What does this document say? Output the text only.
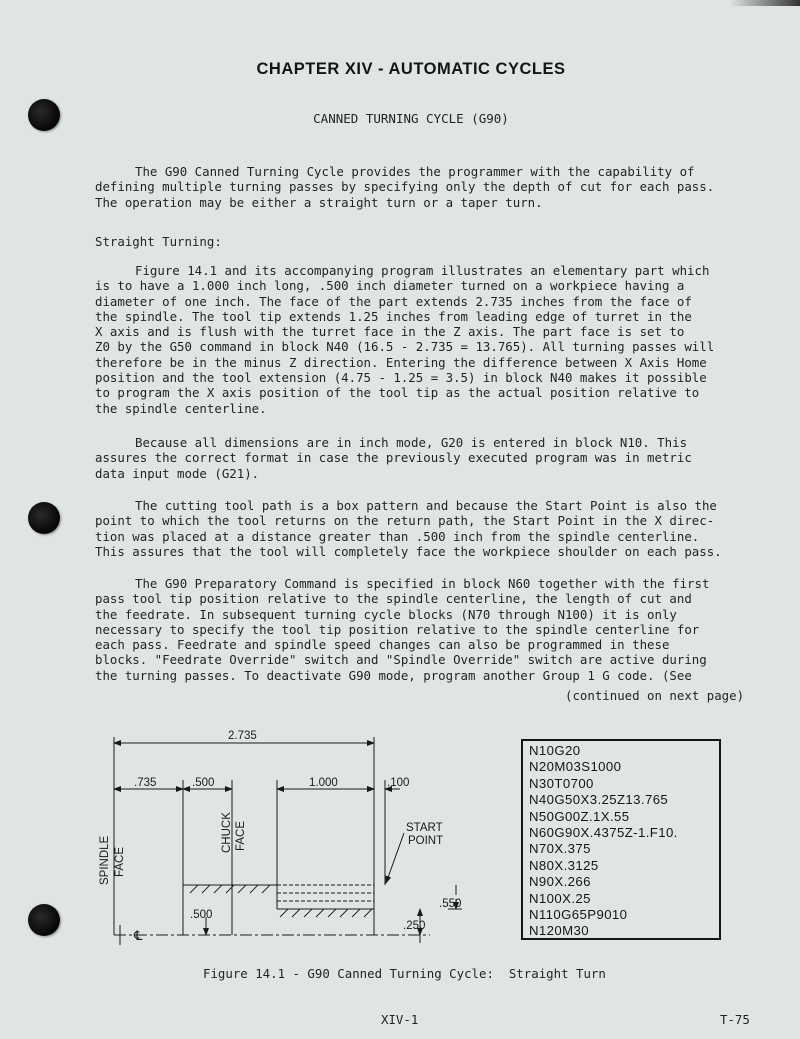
CHAPTER XIV - AUTOMATIC CYCLES
CANNED TURNING CYCLE (G90)
The G90 Canned Turning Cycle provides the programmer with the capability of
defining multiple turning passes by specifying only the depth of cut for each pass.
The operation may be either a straight turn or a taper turn.
Straight Turning:
Figure 14.1 and its accompanying program illustrates an elementary part which
is to have a 1.000 inch long, .500 inch diameter turned on a workpiece having a
diameter of one inch. The face of the part extends 2.735 inches from the face of
the spindle. The tool tip extends 1.25 inches from leading edge of turret in the
X axis and is flush with the turret face in the Z axis. The part face is set to
Z0 by the G50 command in block N40 (16.5 - 2.735 = 13.765). All turning passes will
therefore be in the minus Z direction. Entering the difference between X Axis Home
position and the tool extension (4.75 - 1.25 = 3.5) in block N40 makes it possible
to program the X axis position of the tool tip as the actual position relative to
the spindle centerline.
Because all dimensions are in inch mode, G20 is entered in block N10. This
assures the correct format in case the previously executed program was in metric
data input mode (G21).
The cutting tool path is a box pattern and because the Start Point is also the
point to which the tool returns on the return path, the Start Point in the X direc-
tion was placed at a distance greater than .500 inch from the spindle centerline.
This assures that the tool will completely face the workpiece shoulder on each pass.
The G90 Preparatory Command is specified in block N60 together with the first
pass tool tip position relative to the spindle centerline, the length of cut and
the feedrate. In subsequent turning cycle blocks (N70 through N100) it is only
necessary to specify the tool tip position relative to the spindle centerline for
each pass. Feedrate and spindle speed changes can also be programmed in these
blocks. "Feedrate Override" switch and "Spindle Override" switch are active during
the turning passes. To deactivate G90 mode, program another Group 1 G code. (See
(continued on next page)
2.735
.735	.500	1.000	.100
.500
.550
.250
START
POINT
SPINDLE FACE
CHUCK FACE
℄
N10G20
N20M03S1000
N30T0700
N40G50X3.25Z13.765
N50G00Z.1X.55
N60G90X.4375Z-1.F10.
N70X.375
N80X.3125
N90X.266
N100X.25
N110G65P9010
N120M30
Figure 14.1 - G90 Canned Turning Cycle:  Straight Turn
XIV-1	T-75
